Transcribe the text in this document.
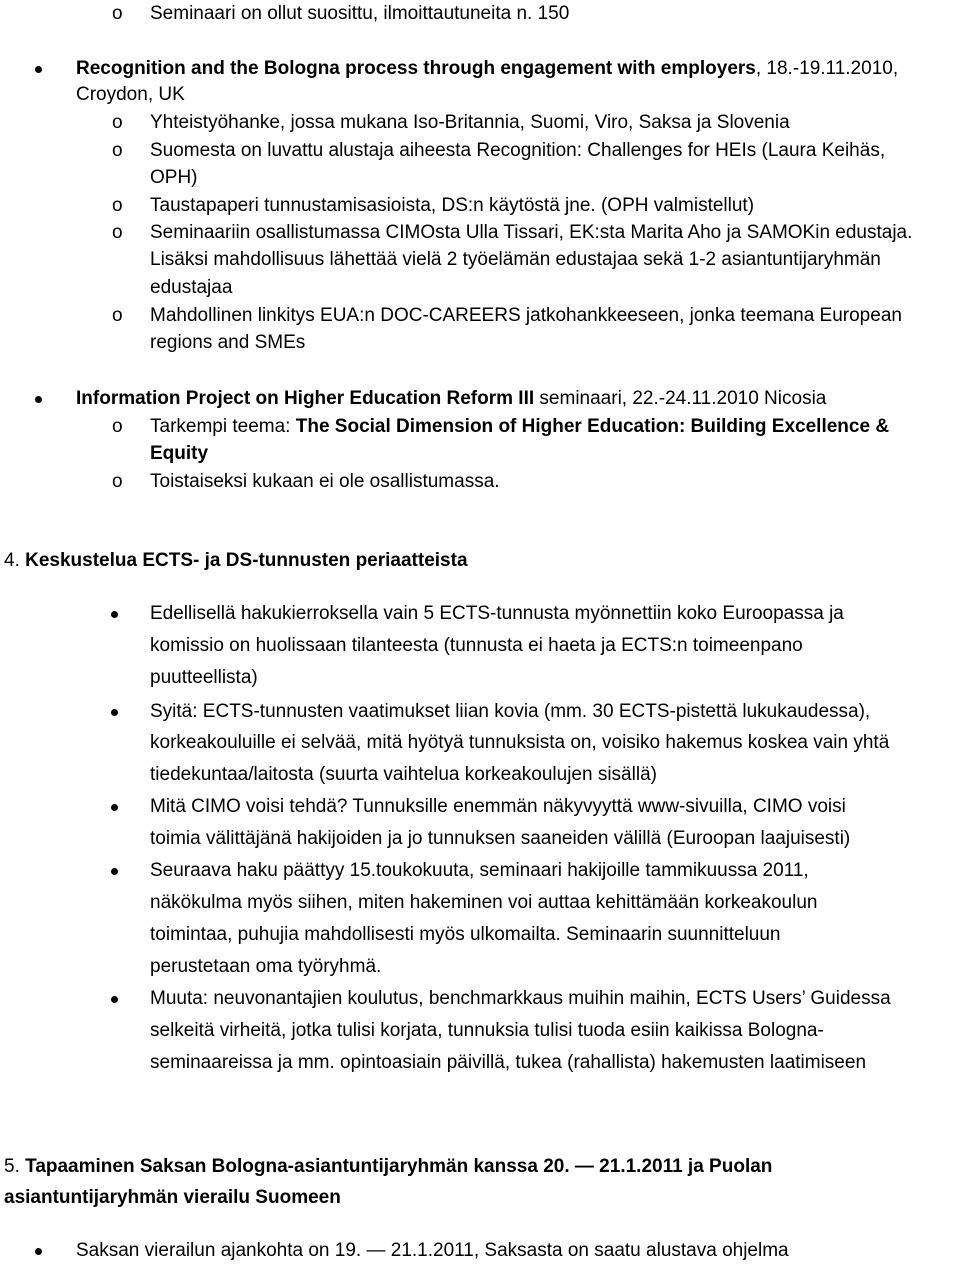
o Seminaari on ollut suosittu, ilmoittautuneita n. 150
Recognition and the Bologna process through engagement with employers, 18.-19.11.2010,
Croydon, UK
o Yhteistyöhanke, jossa mukana Iso-Britannia, Suomi, Viro, Saksa ja Slovenia
o Suomesta on luvattu alustaja aiheesta Recognition: Challenges for HEIs (Laura Keihäs,
OPH)
o Taustapaperi tunnustamisasioista, DS:n käytöstä jne. (OPH valmistellut)
o Seminaariin osallistumassa CIMOsta Ulla Tissari, EK:sta Marita Aho ja SAMOKin edustaja.
Lisäksi mahdollisuus lähettää vielä 2 työelämän edustajaa sekä 1-2 asiantuntijaryhmän
edustajaa
o Mahdollinen linkitys EUA:n DOC-CAREERS jatkohankkeeseen, jonka teemana European
regions and SMEs
Information Project on Higher Education Reform III seminaari, 22.-24.11.2010 Nicosia
o Tarkempi teema: The Social Dimension of Higher Education: Building Excellence &
Equity
o Toistaiseksi kukaan ei ole osallistumassa.
4. Keskustelua ECTS- ja DS-tunnusten periaatteista
Edellisellä hakukierroksella vain 5 ECTS-tunnusta myönnettiin koko Euroopassa ja
komissio on huolissaan tilanteesta (tunnusta ei haeta ja ECTS:n toimeenpano
puutteellista)
Syitä: ECTS-tunnusten vaatimukset liian kovia (mm. 30 ECTS-pistettä lukukaudessa),
korkeakouluille ei selvää, mitä hyötyä tunnuksista on, voisiko hakemus koskea vain yhtä
tiedekuntaa/laitosta (suurta vaihtelua korkeakoulujen sisällä)
Mitä CIMO voisi tehdä? Tunnuksille enemmän näkyvyyttä www-sivuilla, CIMO voisi
toimia välittäjänä hakijoiden ja jo tunnuksen saaneiden välillä (Euroopan laajuisesti)
Seuraava haku päättyy 15.toukokuuta, seminaari hakijoille tammikuussa 2011,
näkökulma myös siihen, miten hakeminen voi auttaa kehittämään korkeakoulun
toimintaa, puhujia mahdollisesti myös ulkomailta. Seminaarin suunnitteluun
perustetaan oma työryhmä.
Muuta: neuvonantajien koulutus, benchmarkkaus muihin maihin, ECTS Users’ Guidessa
selkeitä virheitä, jotka tulisi korjata, tunnuksia tulisi tuoda esiin kaikissa Bologna-
seminaareissa ja mm. opintoasiain päivillä, tukea (rahallista) hakemusten laatimiseen
5. Tapaaminen Saksan Bologna-asiantuntijaryhmän kanssa 20. — 21.1.2011 ja Puolan
asiantuntijaryhmän vierailu Suomeen
Saksan vierailun ajankohta on 19. — 21.1.2011, Saksasta on saatu alustava ohjelma
